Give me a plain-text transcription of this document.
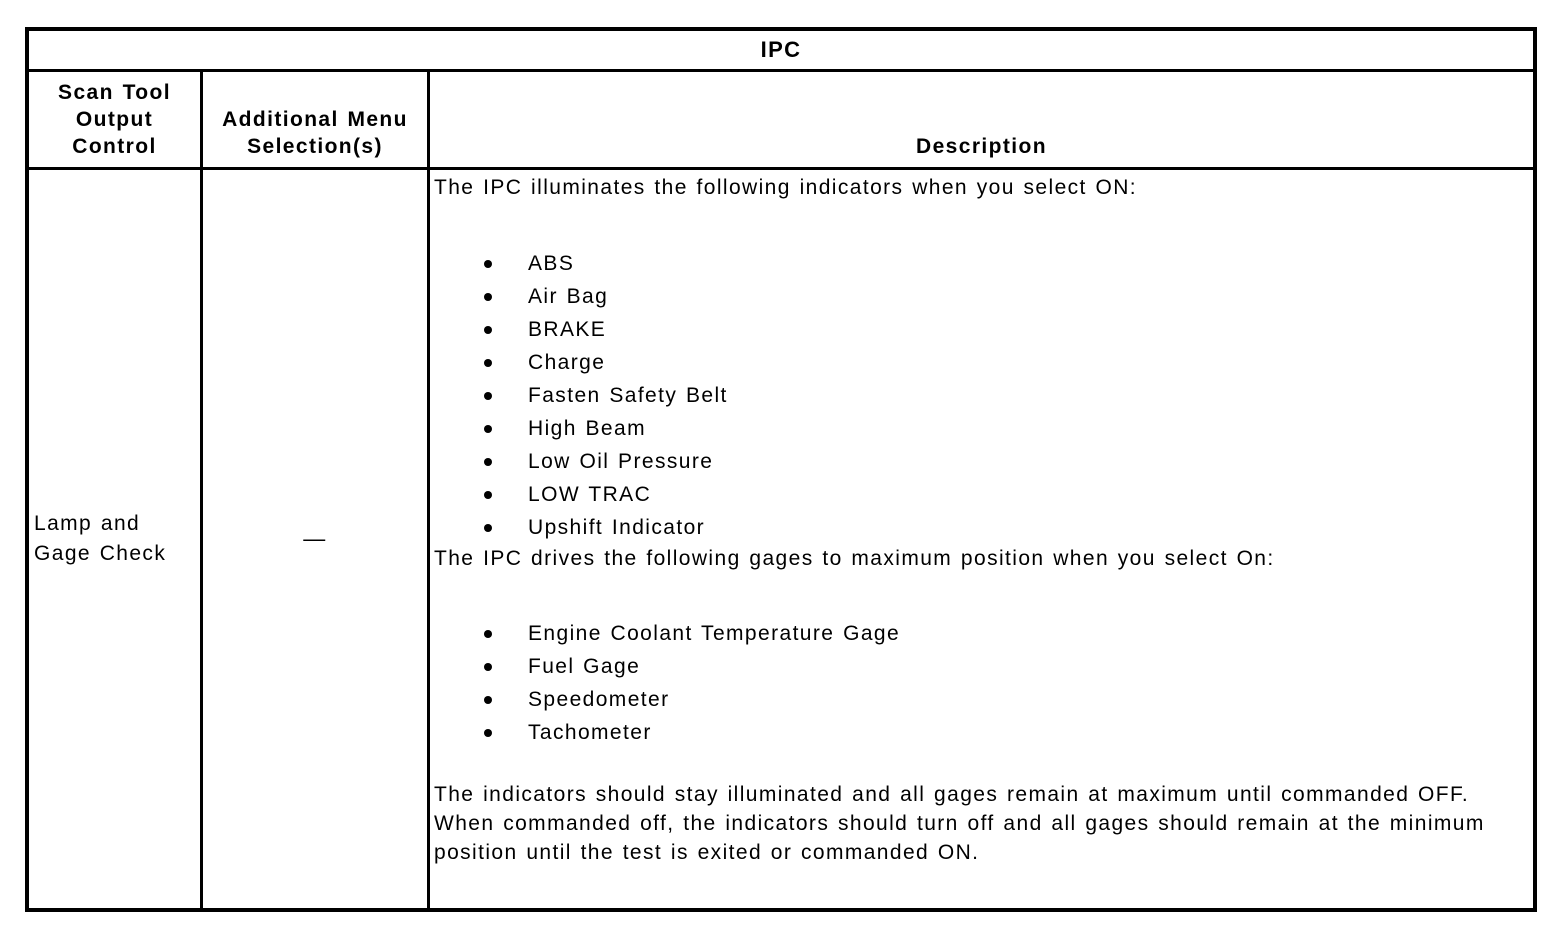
IPC
Scan Tool
Output
Control
Additional Menu
Selection(s)	Description
Lamp and
Gage Check
—

The IPC illuminates the following indicators when you select ON:

ABS
Air Bag
BRAKE
Charge
Fasten Safety Belt
High Beam
Low Oil Pressure
LOW TRAC
Upshift Indicator

The IPC drives the following gages to maximum position when you select On:

Engine Coolant Temperature Gage
Fuel Gage
Speedometer
Tachometer
The indicators should stay illuminated and all gages remain at maximum until commanded OFF.
When commanded off, the indicators should turn off and all gages should remain at the minimum
position until the test is exited or commanded ON.
